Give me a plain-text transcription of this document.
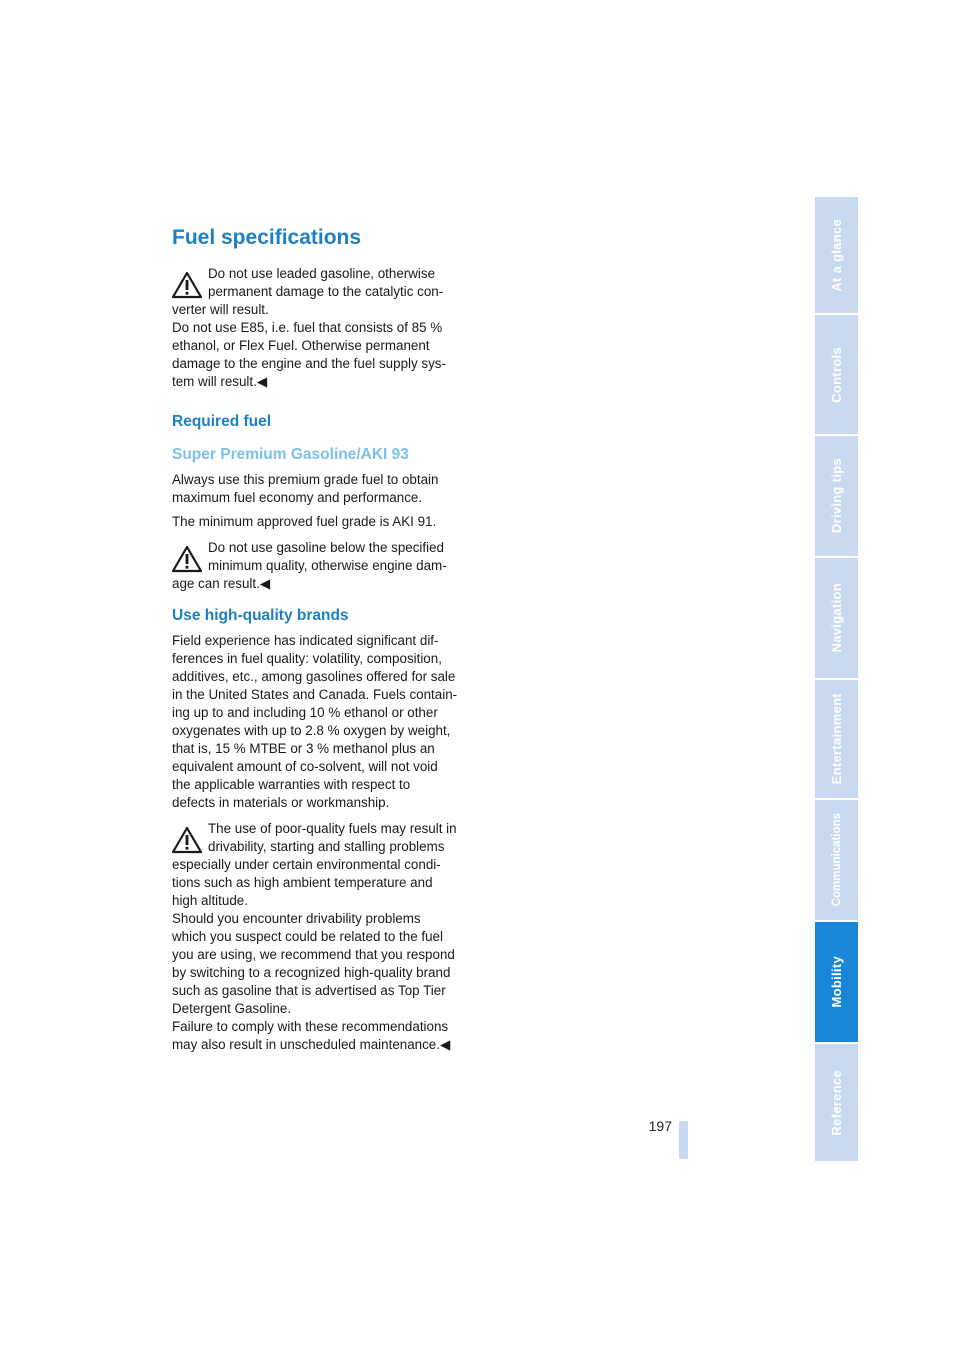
Fuel specifications
Do not use leaded gasoline, otherwise
permanent damage to the catalytic con-
verter will result.
Do not use E85, i.e. fuel that consists of 85 %
ethanol, or Flex Fuel. Otherwise permanent
damage to the engine and the fuel supply sys-
tem will result.◀
Required fuel
Super Premium Gasoline/AKI 93

Always use this premium grade fuel to obtain
maximum fuel economy and performance.

The minimum approved fuel grade is AKI 91.

Do not use gasoline below the specified
minimum quality, otherwise engine dam-
age can result.◀
Use high-quality brands

Field experience has indicated significant dif-
ferences in fuel quality: volatility, composition,
additives, etc., among gasolines offered for sale
in the United States and Canada. Fuels contain-
ing up to and including 10 % ethanol or other
oxygenates with up to 2.8 % oxygen by weight,
that is, 15 % MTBE or 3 % methanol plus an
equivalent amount of co-solvent, will not void
the applicable warranties with respect to
defects in materials or workmanship.

The use of poor-quality fuels may result in
drivability, starting and stalling problems
especially under certain environmental condi-
tions such as high ambient temperature and
high altitude.
Should you encounter drivability problems
which you suspect could be related to the fuel
you are using, we recommend that you respond
by switching to a recognized high-quality brand
such as gasoline that is advertised as Top Tier
Detergent Gasoline.
Failure to comply with these recommendations
may also result in unscheduled maintenance.◀
197
At a glance
Controls
Driving tips
Navigation
Entertainment
Communications
Mobility
Reference
